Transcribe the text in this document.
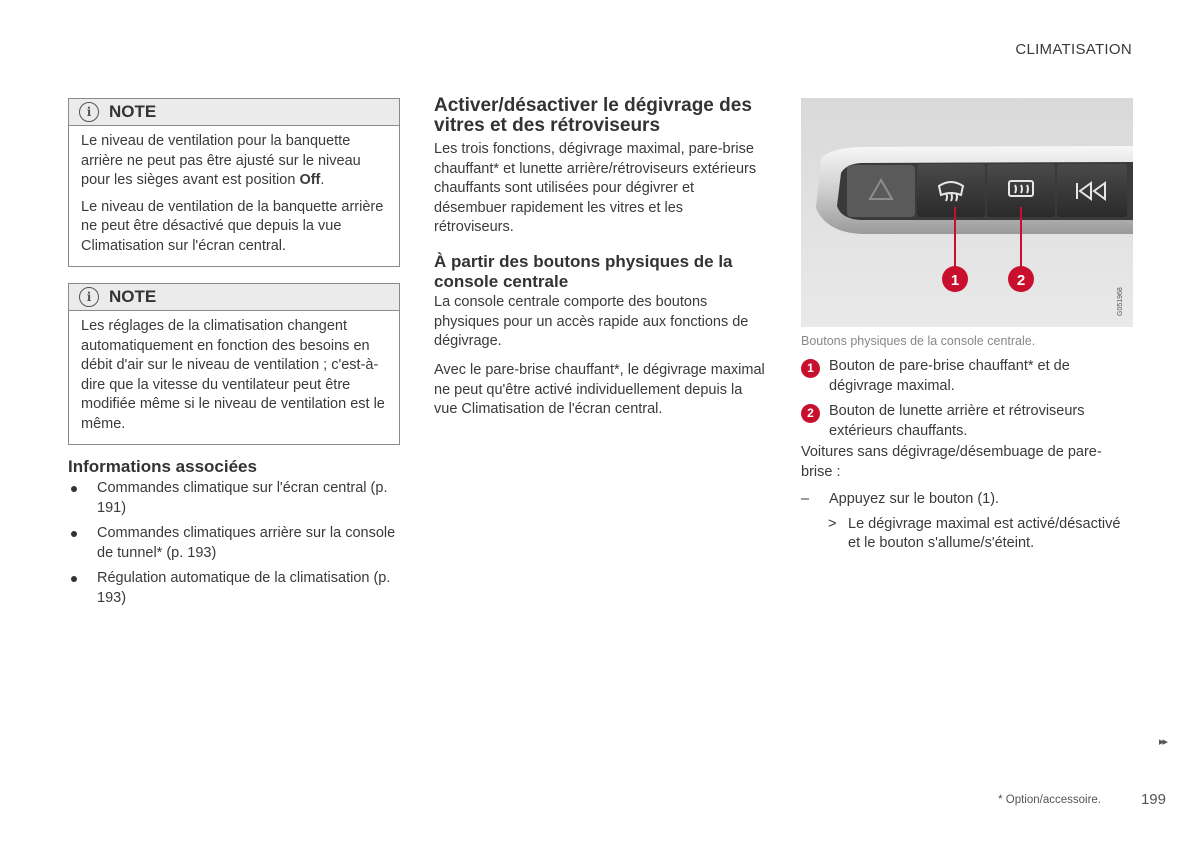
CLIMATISATION
i	NOTE

Le niveau de ventilation pour la banquette arrière ne peut pas être ajusté sur le niveau pour les sièges avant est position Off.

Le niveau de ventilation de la banquette arrière ne peut être désactivé que depuis la vue Climatisation sur l'écran central.

i	NOTE

Les réglages de la climatisation changent automatiquement en fonction des besoins en débit d'air sur le niveau de ventilation ; c'est-à-dire que la vitesse du ventilateur peut être modifiée même si le niveau de ventilation est le même.

Informations associées
Commandes climatique sur l'écran central (p. 191)
Commandes climatiques arrière sur la console de tunnel* (p. 193)
Régulation automatique de la climatisation (p. 193)
Activer/désactiver le dégivrage des vitres et des rétroviseurs

Les trois fonctions, dégivrage maximal, pare-brise chauffant* et lunette arrière/rétroviseurs extérieurs chauffants sont utilisées pour dégivrer et désembuer rapidement les vitres et les rétroviseurs.

À partir des boutons physiques de la console centrale

La console centrale comporte des boutons physiques pour un accès rapide aux fonctions de dégivrage.

Avec le pare-brise chauffant*, le dégivrage maximal ne peut qu'être activé individuellement depuis la vue Climatisation de l'écran central.

1	2
G051968
Boutons physiques de la console centrale.
1	Bouton de pare-brise chauffant* et de dégivrage maximal.
2	Bouton de lunette arrière et rétroviseurs extérieurs chauffants.

Voitures sans dégivrage/désembuage de pare-brise :

– Appuyez sur le bouton (1).
> Le dégivrage maximal est activé/désactivé et le bouton s'allume/s'éteint.
▸▸
* Option/accessoire.	199
